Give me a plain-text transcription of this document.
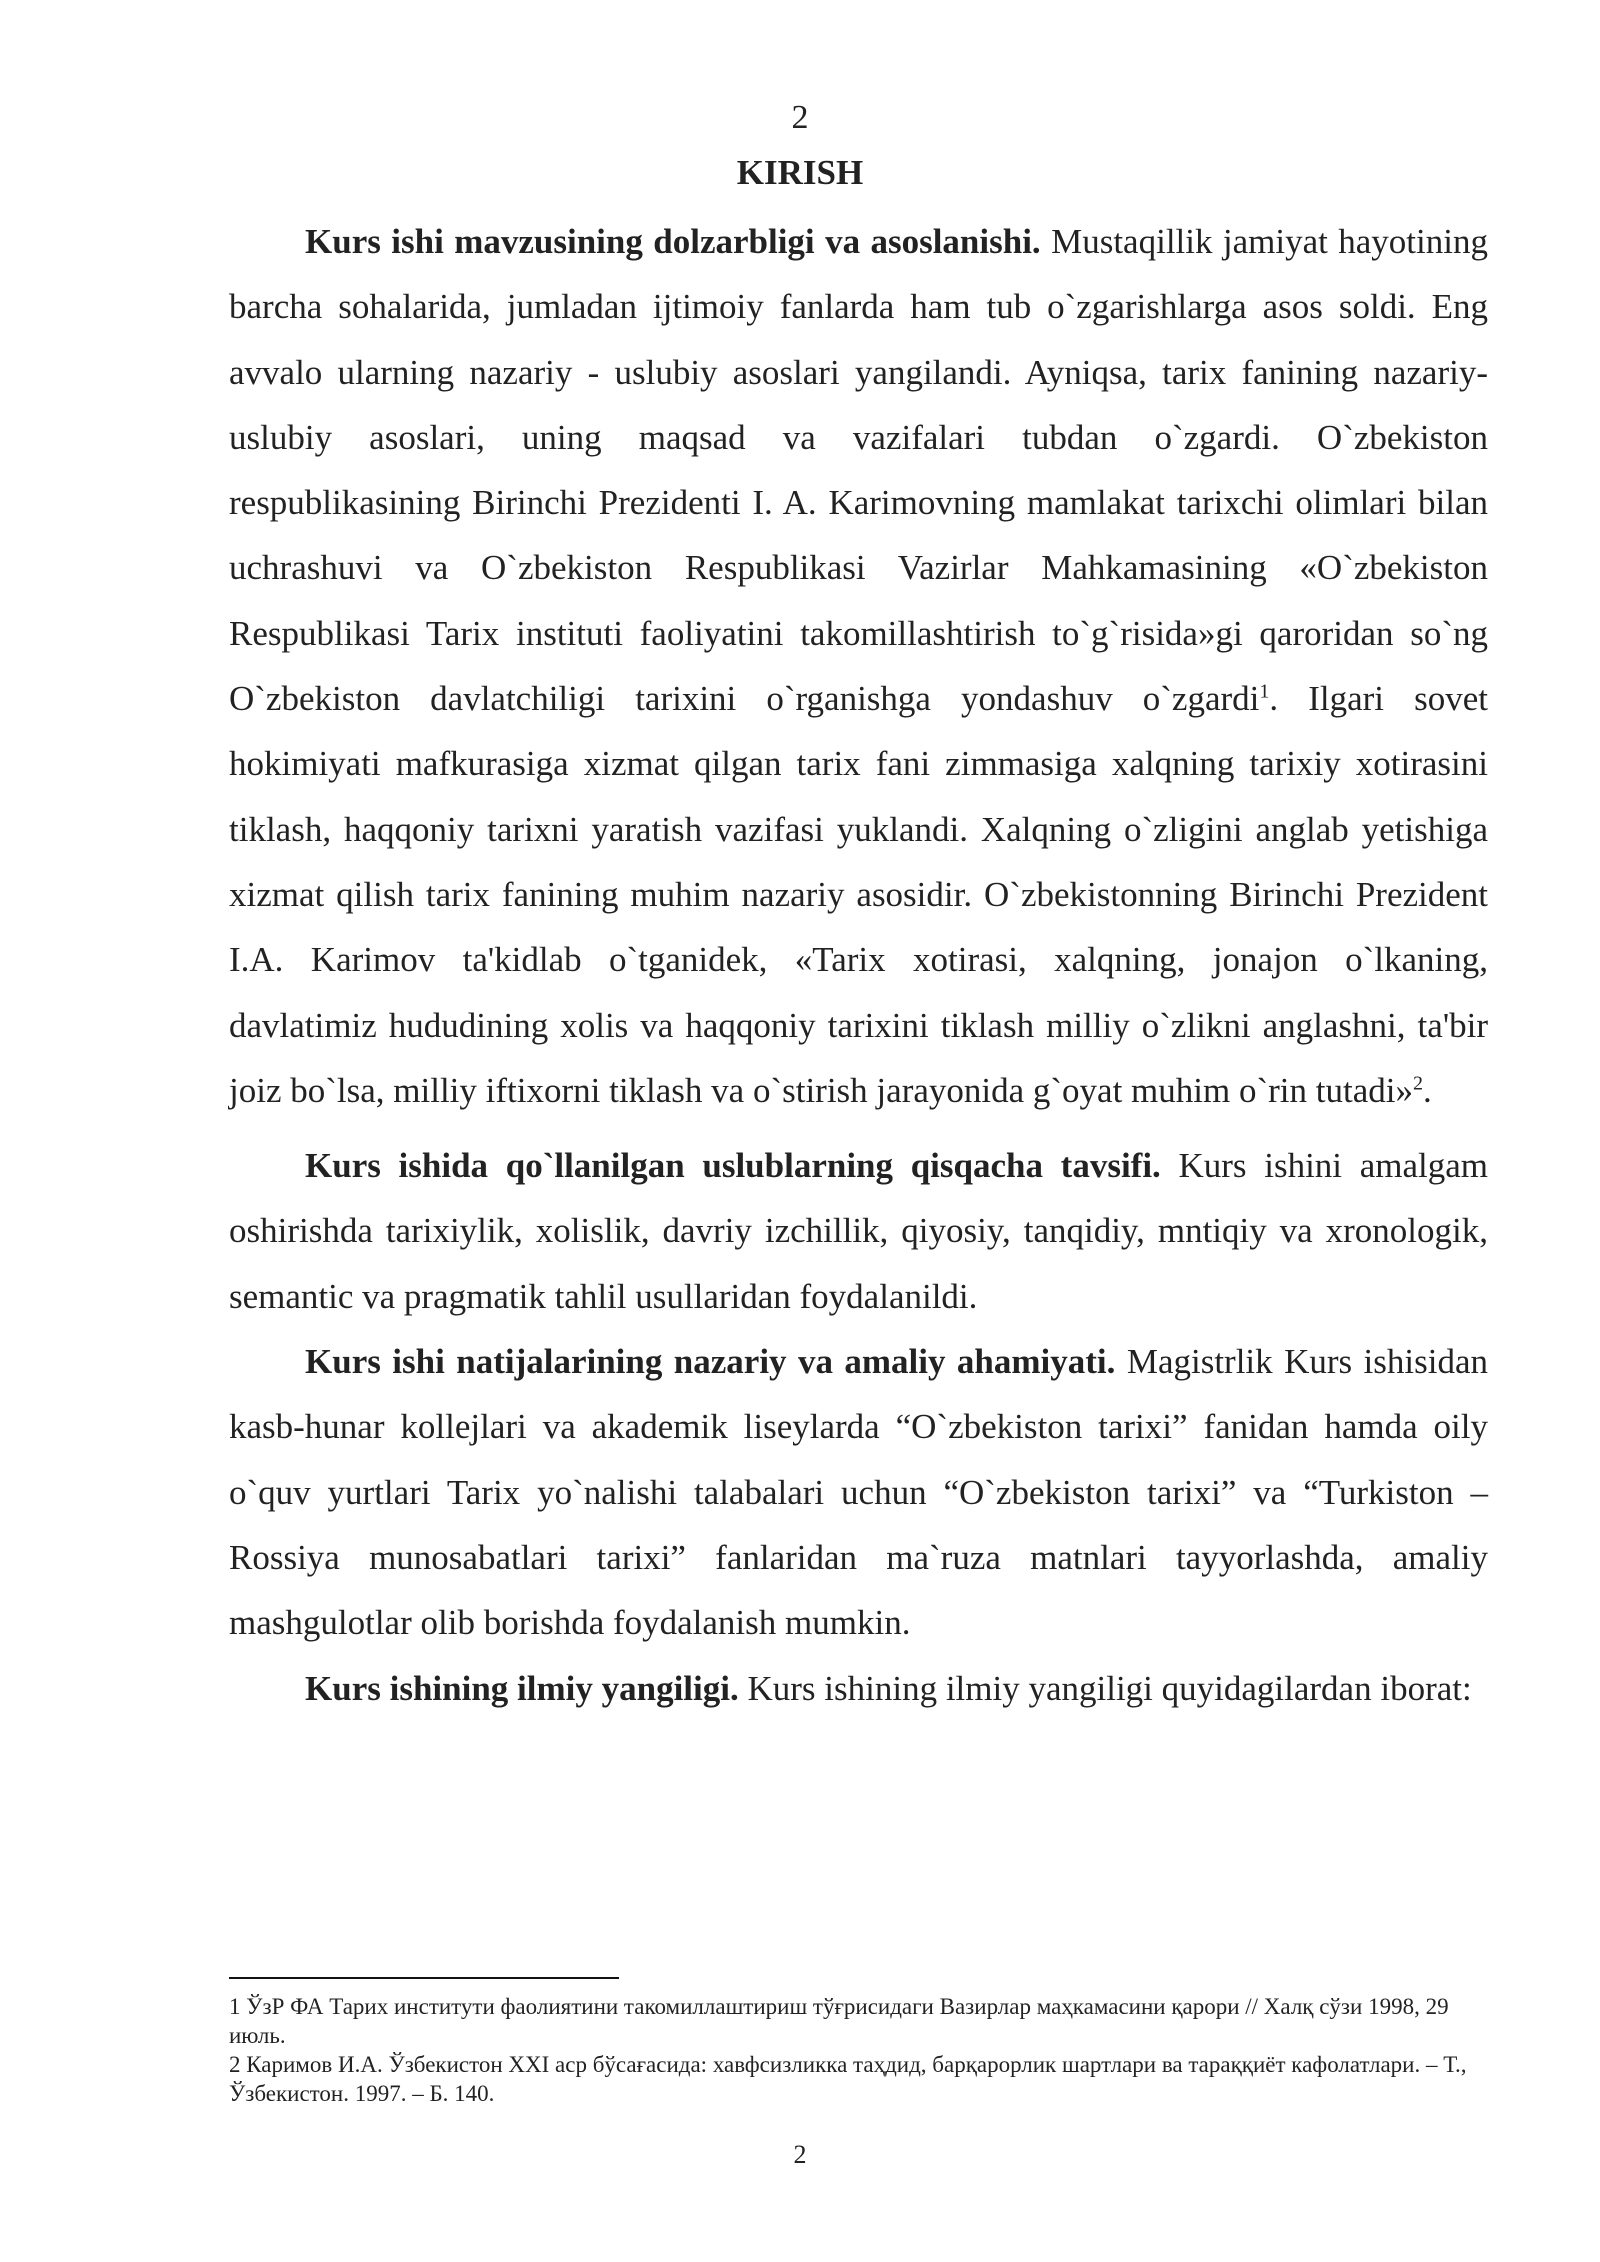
2
KIRISH

Kurs ishi mavzusining dolzarbligi va asoslanishi. Mustaqillik jamiyat hayotining barcha sohalarida, jumladan ijtimoiy fanlarda ham tub o`zgarishlarga asos soldi. Eng avvalo ularning nazariy - uslubiy asoslari yangilandi. Ayniqsa, tarix fanining nazariy-uslubiy asoslari, uning maqsad va vazifalari tubdan o`zgardi. O`zbekiston respublikasining Birinchi Prezidenti I. A. Karimovning mamlakat tarixchi olimlari bilan uchrashuvi va O`zbekiston Respublikasi Vazirlar Mahkamasining «O`zbekiston Respublikasi Tarix instituti faoliyatini takomillashtirish to`g`risida»gi qaroridan so`ng O`zbekiston davlatchiligi tarixini o`rganishga yondashuv o`zgardi$^1$. Ilgari sovet hokimiyati mafkurasiga xizmat qilgan tarix fani zimmasiga xalqning tarixiy xotirasini tiklash, haqqoniy tarixni yaratish vazifasi yuklandi. Xalqning o`zligini anglab yetishiga xizmat qilish tarix fanining muhim nazariy asosidir. O`zbekistonning Birinchi Prezident I.A. Karimov ta'kidlab o`tganidek, «Tarix xotirasi, xalqning, jonajon o`lkaning, davlatimiz hududining xolis va haqqoniy tarixini tiklash milliy o`zlikni anglashni, ta'bir joiz bo`lsa, milliy iftixorni tiklash va o`stirish jarayonida g`oyat muhim o`rin tutadi»$^2$.

Kurs ishida qo`llanilgan uslublarning qisqacha tavsifi. Kurs ishini amalgam oshirishda tarixiylik, xolislik, davriy izchillik, qiyosiy, tanqidiy, mntiqiy va xronologik, semantic va pragmatik tahlil usullaridan foydalanildi.

Kurs ishi natijalarining nazariy va amaliy ahamiyati. Magistrlik Kurs ishisidan kasb-hunar kollejlari va akademik liseylarda “O`zbekiston tarixi” fanidan hamda oily o`quv yurtlari Tarix yo`nalishi talabalari uchun “O`zbekiston tarixi” va “Turkiston – Rossiya munosabatlari tarixi” fanlaridan ma`ruza matnlari tayyorlashda, amaliy mashgulotlar olib borishda foydalanish mumkin.

Kurs ishining ilmiy yangiligi. Kurs ishining ilmiy yangiligi quyidagilardan iborat:

1 ЎзР ФА Тарих институти фаолиятини такомиллаштириш тўғрисидаги Вазирлар маҳкамасини қарори // Халқ сўзи 1998, 29 июль.
2 Каримов И.А. Ўзбекистон XXI аср бўсағасида: хавфсизликка таҳдид, барқарорлик шартлари ва тараққиёт кафолатлари. – Т., Ўзбекистон. 1997. – Б. 140.
2
